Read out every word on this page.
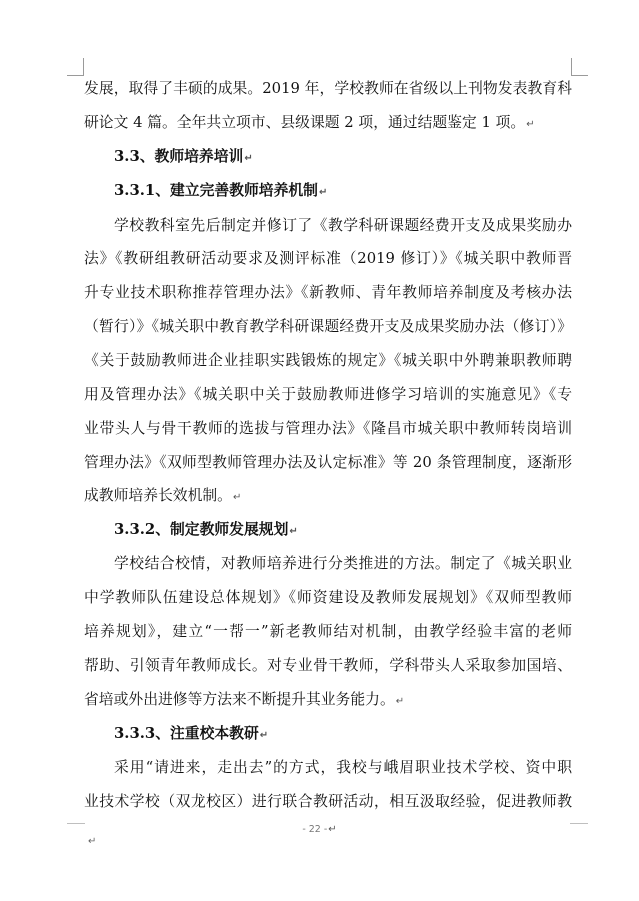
发展，取得了丰硕的成果。2019 年，学校教师在省级以上刊物发表教育科
研论文 4 篇。全年共立项市、县级课题 2 项，通过结题鉴定 1 项。↵
3.3、教师培养培训↵
3.3.1、建立完善教师培养机制↵
学校教科室先后制定并修订了《教学科研课题经费开支及成果奖励办
法》《教研组教研活动要求及测评标准（2019 修订）》《城关职中教师晋
升专业技术职称推荐管理办法》《新教师、青年教师培养制度及考核办法
（暂行）》《城关职中教育教学科研课题经费开支及成果奖励办法（修订）》
《关于鼓励教师进企业挂职实践锻炼的规定》《城关职中外聘兼职教师聘
用及管理办法》《城关职中关于鼓励教师进修学习培训的实施意见》《专
业带头人与骨干教师的选拔与管理办法》《隆昌市城关职中教师转岗培训
管理办法》《双师型教师管理办法及认定标准》等 20 条管理制度，逐渐形
成教师培养长效机制。↵
3.3.2、制定教师发展规划↵
学校结合校情，对教师培养进行分类推进的方法。制定了《城关职业
中学教师队伍建设总体规划》《师资建设及教师发展规划》《双师型教师
培养规划》，建立“一帮一”新老教师结对机制，由教学经验丰富的老师
帮助、引领青年教师成长。对专业骨干教师，学科带头人采取参加国培、
省培或外出进修等方法来不断提升其业务能力。↵
3.3.3、注重校本教研↵
采用“请进来，走出去”的方式，我校与峨眉职业技术学校、资中职
业技术学校（双龙校区）进行联合教研活动，相互汲取经验，促进教师教
- 22 -↵
↵
